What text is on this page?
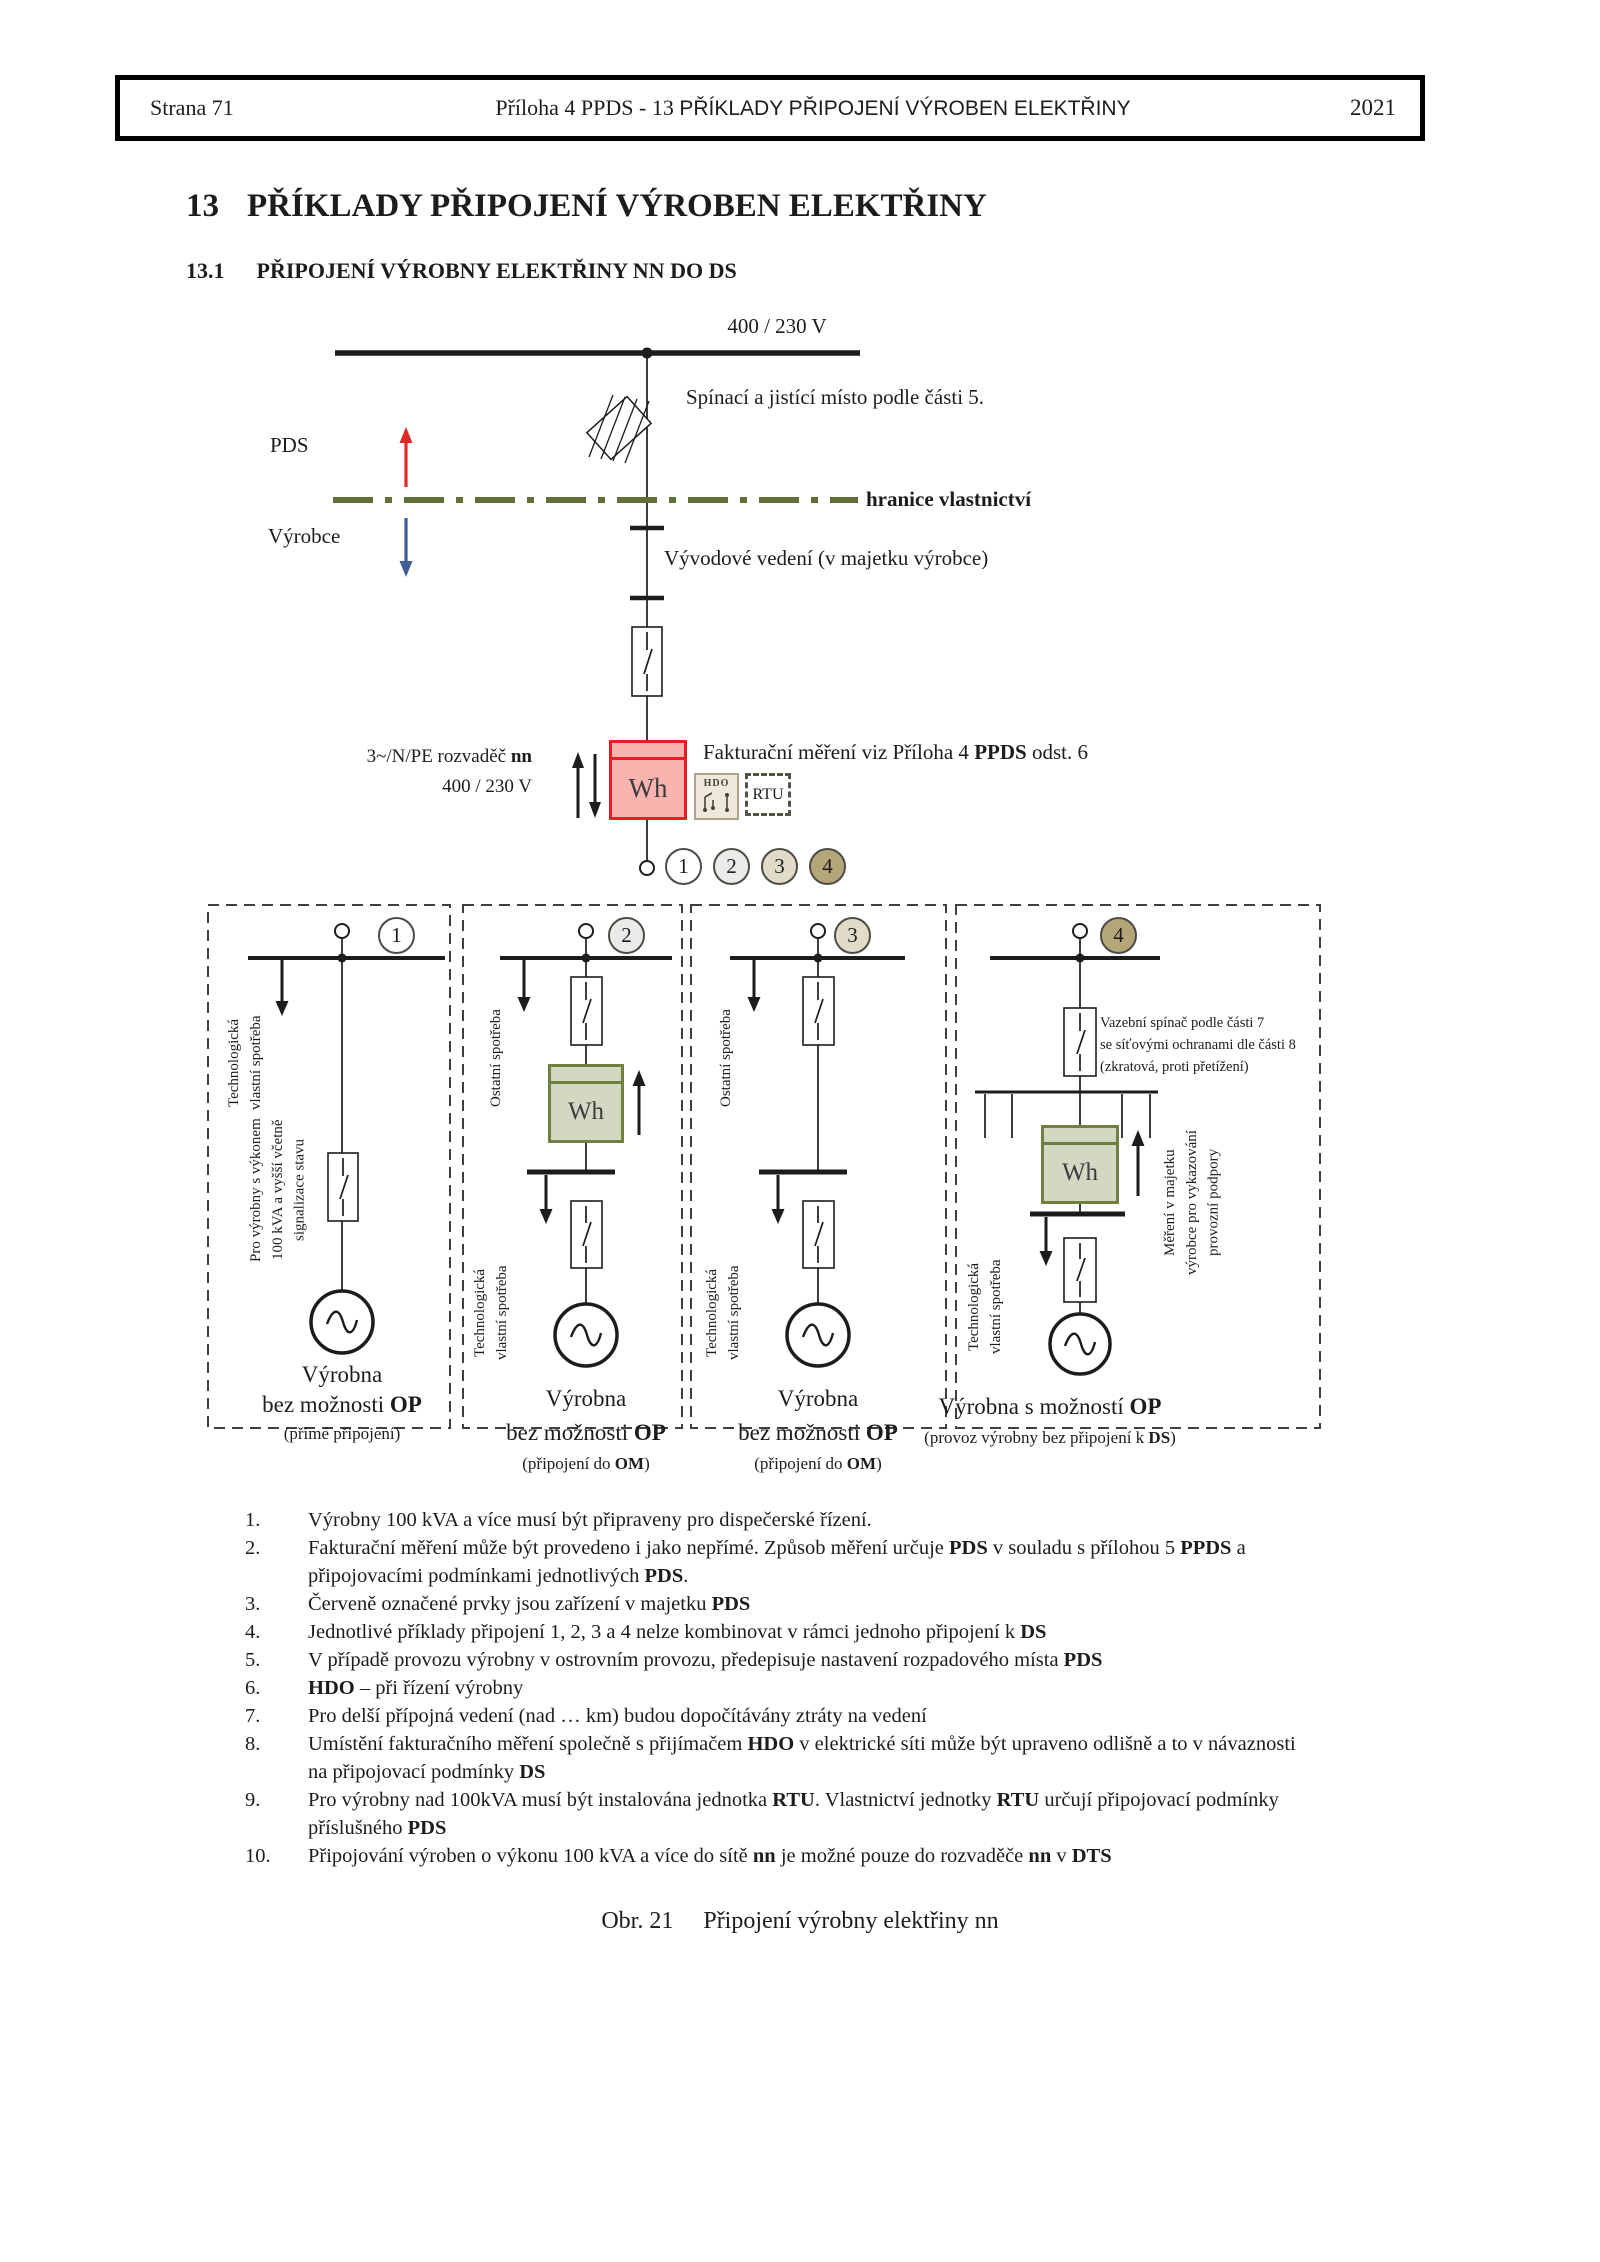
Strana 71	Příloha 4 PPDS - 13 PŘÍKLADY PŘIPOJENÍ VÝROBEN ELEKTŘINY	2021
13 PŘÍKLADY PŘIPOJENÍ VÝROBEN ELEKTŘINY
13.1 PŘIPOJENÍ VÝROBNY ELEKTŘINY NN DO DS
400 / 230 V
Spínací a jistící místo podle části 5.
PDS
hranice vlastnictví
Výrobce
Vývodové vedení (v majetku výrobce)
3~/N/PE rozvaděč nn
400 / 230 V	Wh
Fakturační měření viz Příloha 4 PPDS odst. 6
HDO
RTU
1	2	3	4
1
Technologická vlastní spotřeba
Pro výrobny s výkonem 100 kVA a vyšší včetně signalizace stavu
Výrobna
bez možnosti OP
(přímé připojení)
2
Ostatní spotřeba
Wh
Technologická vlastní spotřeba
Výrobna
bez možnosti OP
(připojení do OM)
3
Ostatní spotřeba
Technologická vlastní spotřeba
Výrobna
bez možnosti OP
(připojení do OM)
4
Vazební spínač podle části 7
se síťovými ochranami dle části 8
(zkratová, proti přetížení)
Wh	Měření v majetku výrobce pro vykazování provozní podpory
Technologická vlastní spotřeba
Výrobna s možností OP
(provoz výrobny bez připojení k DS)
1.	Výrobny 100 kVA a více musí být připraveny pro dispečerské řízení.
2.	Fakturační měření může být provedeno i jako nepřímé. Způsob měření určuje PDS v souladu s přílohou 5 PPDS a připojovacími podmínkami jednotlivých PDS.
3.	Červeně označené prvky jsou zařízení v majetku PDS
4.	Jednotlivé příklady připojení 1, 2, 3 a 4 nelze kombinovat v rámci jednoho připojení k DS
5.	V případě provozu výrobny v ostrovním provozu, předepisuje nastavení rozpadového místa PDS
6.	HDO – při řízení výrobny
7.	Pro delší přípojná vedení (nad … km) budou dopočítávány ztráty na vedení
8.	Umístění fakturačního měření společně s přijímačem HDO v elektrické síti může být upraveno odlišně a to v návaznosti na připojovací podmínky DS
9.	Pro výrobny nad 100kVA musí být instalována jednotka RTU. Vlastnictví jednotky RTU určují připojovací podmínky příslušného PDS
10.	Připojování výroben o výkonu 100 kVA a více do sítě nn je možné pouze do rozvaděče nn v DTS
Obr. 21 Připojení výrobny elektřiny nn
